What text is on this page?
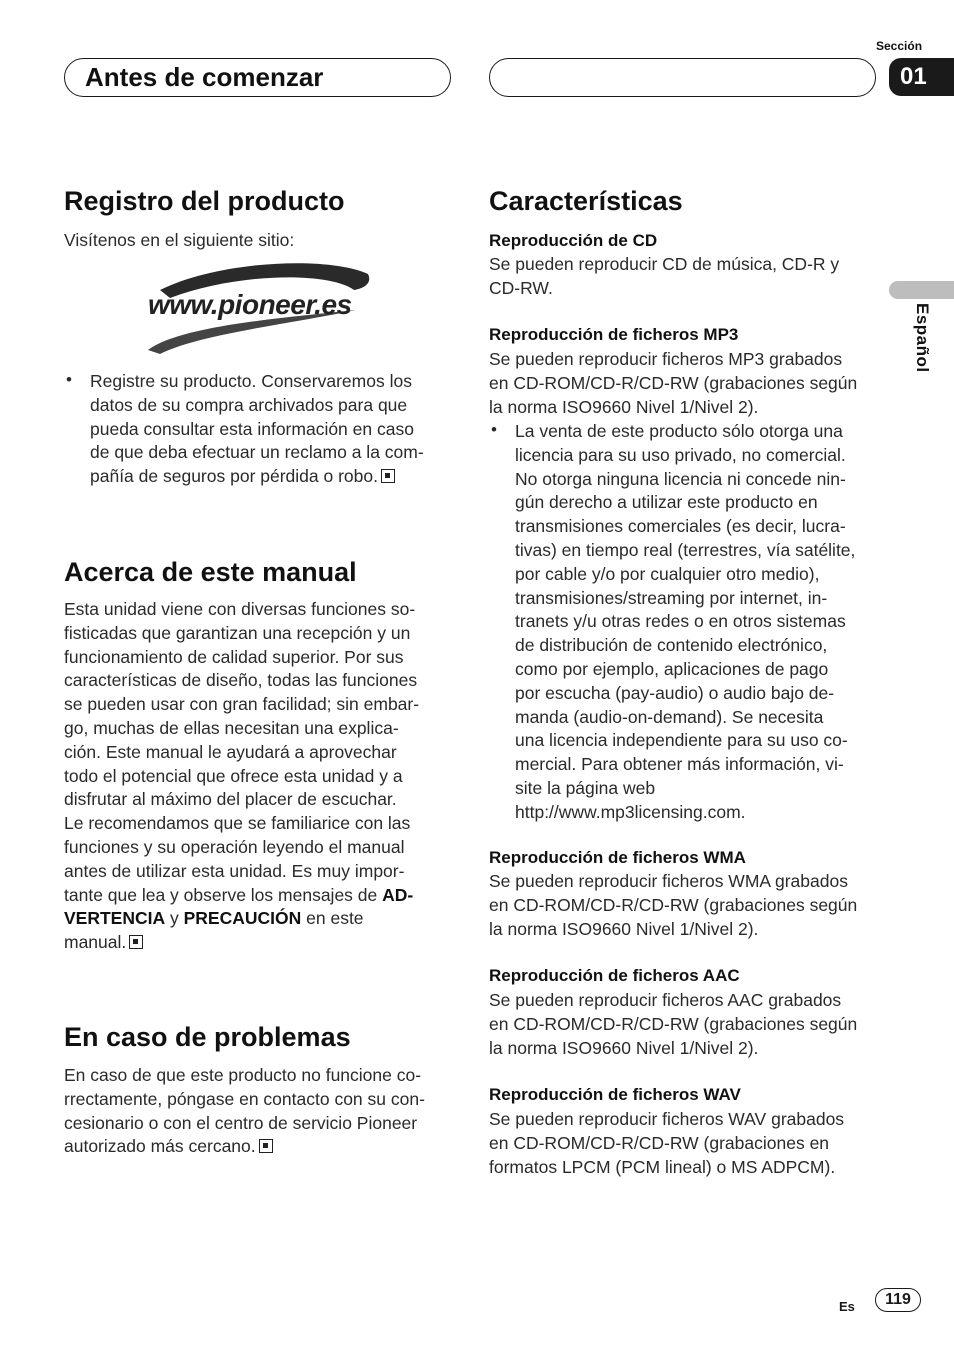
Antes de comenzar
Sección
01
Español
Registro del producto
Visítenos en el siguiente sitio:
www.pioneer.es
• Registre su producto. Conservaremos los
datos de su compra archivados para que
pueda consultar esta información en caso
de que deba efectuar un reclamo a la com-
pañía de seguros por pérdida o robo.
Acerca de este manual
Esta unidad viene con diversas funciones so-
fisticadas que garantizan una recepción y un
funcionamiento de calidad superior. Por sus
características de diseño, todas las funciones
se pueden usar con gran facilidad; sin embar-
go, muchas de ellas necesitan una explica-
ción. Este manual le ayudará a aprovechar
todo el potencial que ofrece esta unidad y a
disfrutar al máximo del placer de escuchar.
Le recomendamos que se familiarice con las
funciones y su operación leyendo el manual
antes de utilizar esta unidad. Es muy impor-
tante que lea y observe los mensajes de AD-
VERTENCIA y PRECAUCIÓN en este
manual.
En caso de problemas
En caso de que este producto no funcione co-
rrectamente, póngase en contacto con su con-
cesionario o con el centro de servicio Pioneer
autorizado más cercano.
Características
Reproducción de CD
Se pueden reproducir CD de música, CD-R y
CD-RW.
Reproducción de ficheros MP3
Se pueden reproducir ficheros MP3 grabados
en CD-ROM/CD-R/CD-RW (grabaciones según
la norma ISO9660 Nivel 1/Nivel 2).
• La venta de este producto sólo otorga una
licencia para su uso privado, no comercial.
No otorga ninguna licencia ni concede nin-
gún derecho a utilizar este producto en
transmisiones comerciales (es decir, lucra-
tivas) en tiempo real (terrestres, vía satélite,
por cable y/o por cualquier otro medio),
transmisiones/streaming por internet, in-
tranets y/u otras redes o en otros sistemas
de distribución de contenido electrónico,
como por ejemplo, aplicaciones de pago
por escucha (pay-audio) o audio bajo de-
manda (audio-on-demand). Se necesita
una licencia independiente para su uso co-
mercial. Para obtener más información, vi-
site la página web
http://www.mp3licensing.com.
Reproducción de ficheros WMA
Se pueden reproducir ficheros WMA grabados
en CD-ROM/CD-R/CD-RW (grabaciones según
la norma ISO9660 Nivel 1/Nivel 2).
Reproducción de ficheros AAC
Se pueden reproducir ficheros AAC grabados
en CD-ROM/CD-R/CD-RW (grabaciones según
la norma ISO9660 Nivel 1/Nivel 2).
Reproducción de ficheros WAV
Se pueden reproducir ficheros WAV grabados
en CD-ROM/CD-R/CD-RW (grabaciones en
formatos LPCM (PCM lineal) o MS ADPCM).
Es	119
